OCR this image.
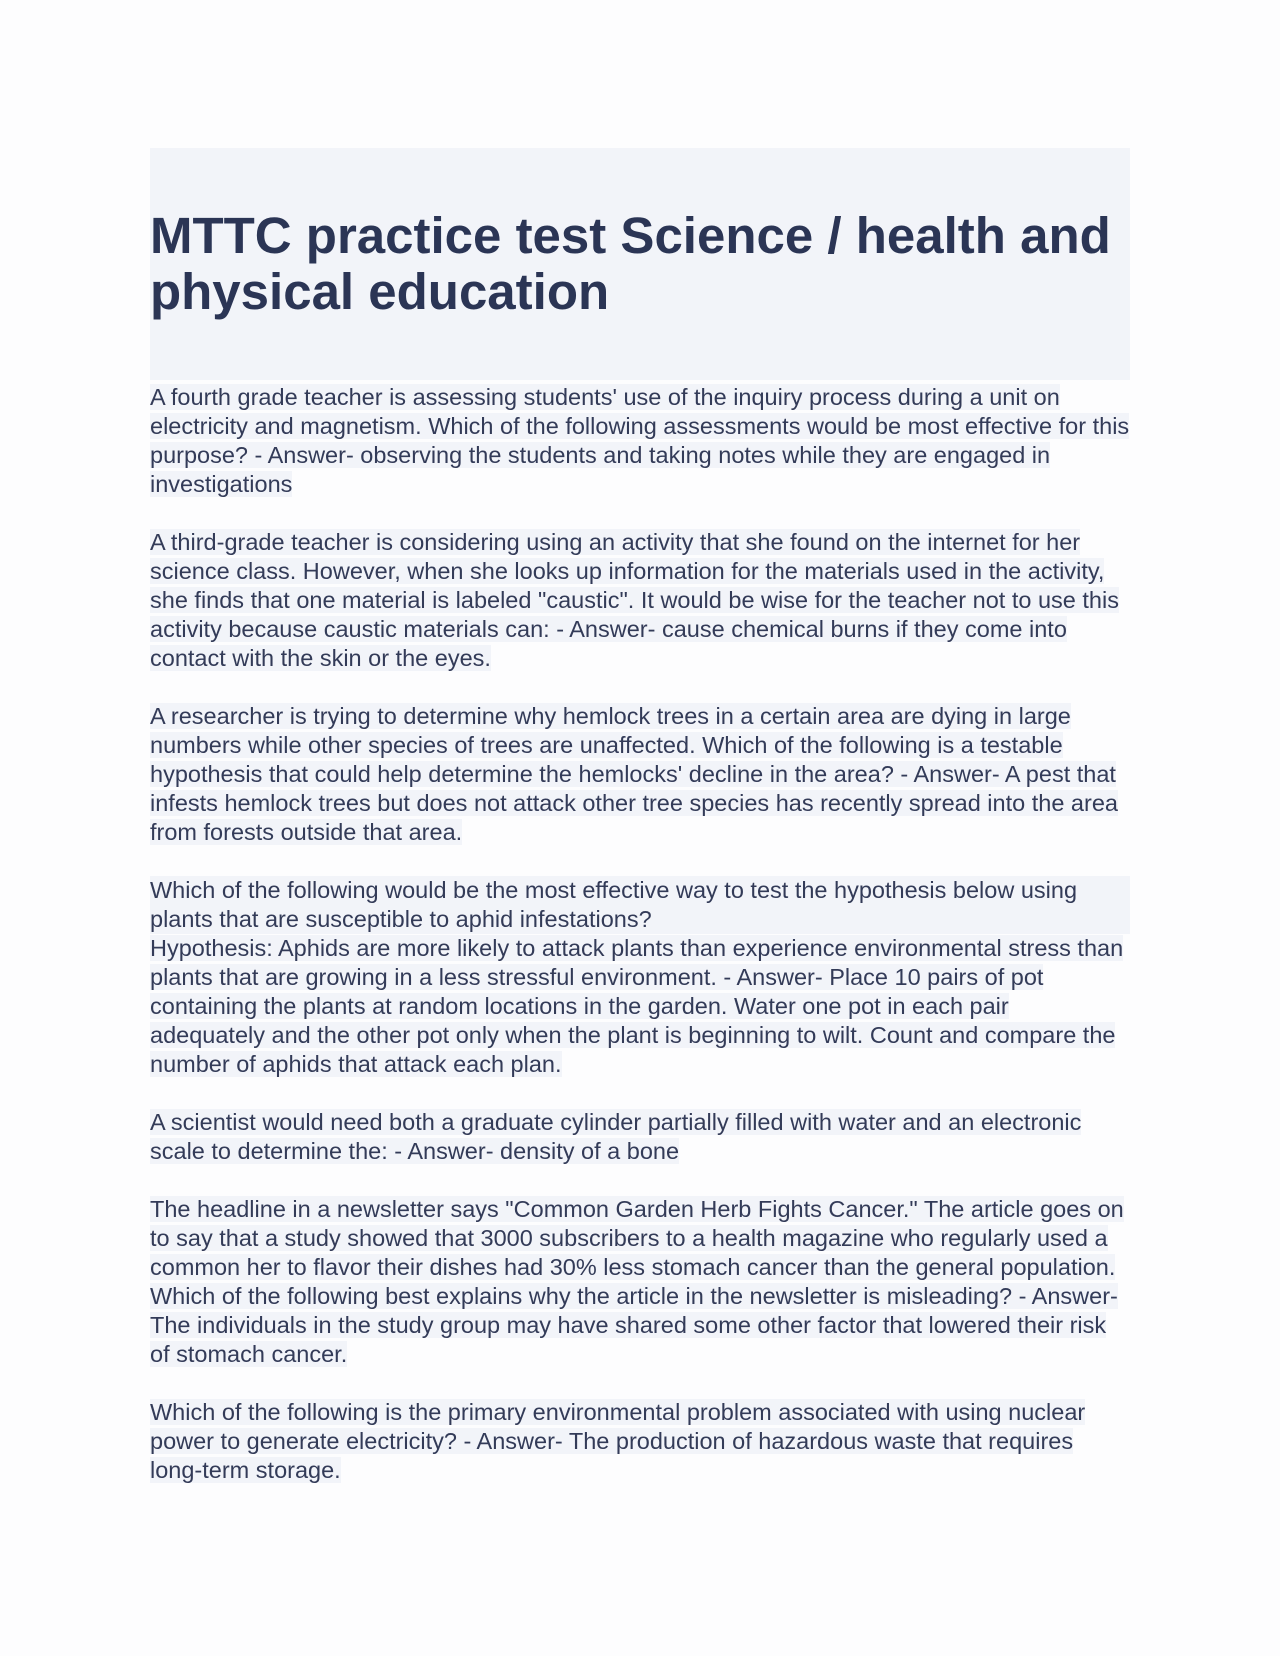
MTTC practice test Science / health and physical education

A fourth grade teacher is assessing students' use of the inquiry process during a unit on electricity and magnetism. Which of the following assessments would be most effective for this purpose? - Answer- observing the students and taking notes while they are engaged in investigations

A third-grade teacher is considering using an activity that she found on the internet for her science class. However, when she looks up information for the materials used in the activity, she finds that one material is labeled "caustic". It would be wise for the teacher not to use this activity because caustic materials can: - Answer- cause chemical burns if they come into contact with the skin or the eyes.

A researcher is trying to determine why hemlock trees in a certain area are dying in large numbers while other species of trees are unaffected. Which of the following is a testable hypothesis that could help determine the hemlocks' decline in the area? - Answer- A pest that infests hemlock trees but does not attack other tree species has recently spread into the area from forests outside that area.

Which of the following would be the most effective way to test the hypothesis below using plants that are susceptible to aphid infestations?
Hypothesis: Aphids are more likely to attack plants than experience environmental stress than plants that are growing in a less stressful environment. - Answer- Place 10 pairs of pot containing the plants at random locations in the garden. Water one pot in each pair adequately and the other pot only when the plant is beginning to wilt. Count and compare the number of aphids that attack each plan.

A scientist would need both a graduate cylinder partially filled with water and an electronic scale to determine the: - Answer- density of a bone

The headline in a newsletter says "Common Garden Herb Fights Cancer." The article goes on to say that a study showed that 3000 subscribers to a health magazine who regularly used a common her to flavor their dishes had 30% less stomach cancer than the general population. Which of the following best explains why the article in the newsletter is misleading? - Answer- The individuals in the study group may have shared some other factor that lowered their risk of stomach cancer.

Which of the following is the primary environmental problem associated with using nuclear power to generate electricity? - Answer- The production of hazardous waste that requires long-term storage.
